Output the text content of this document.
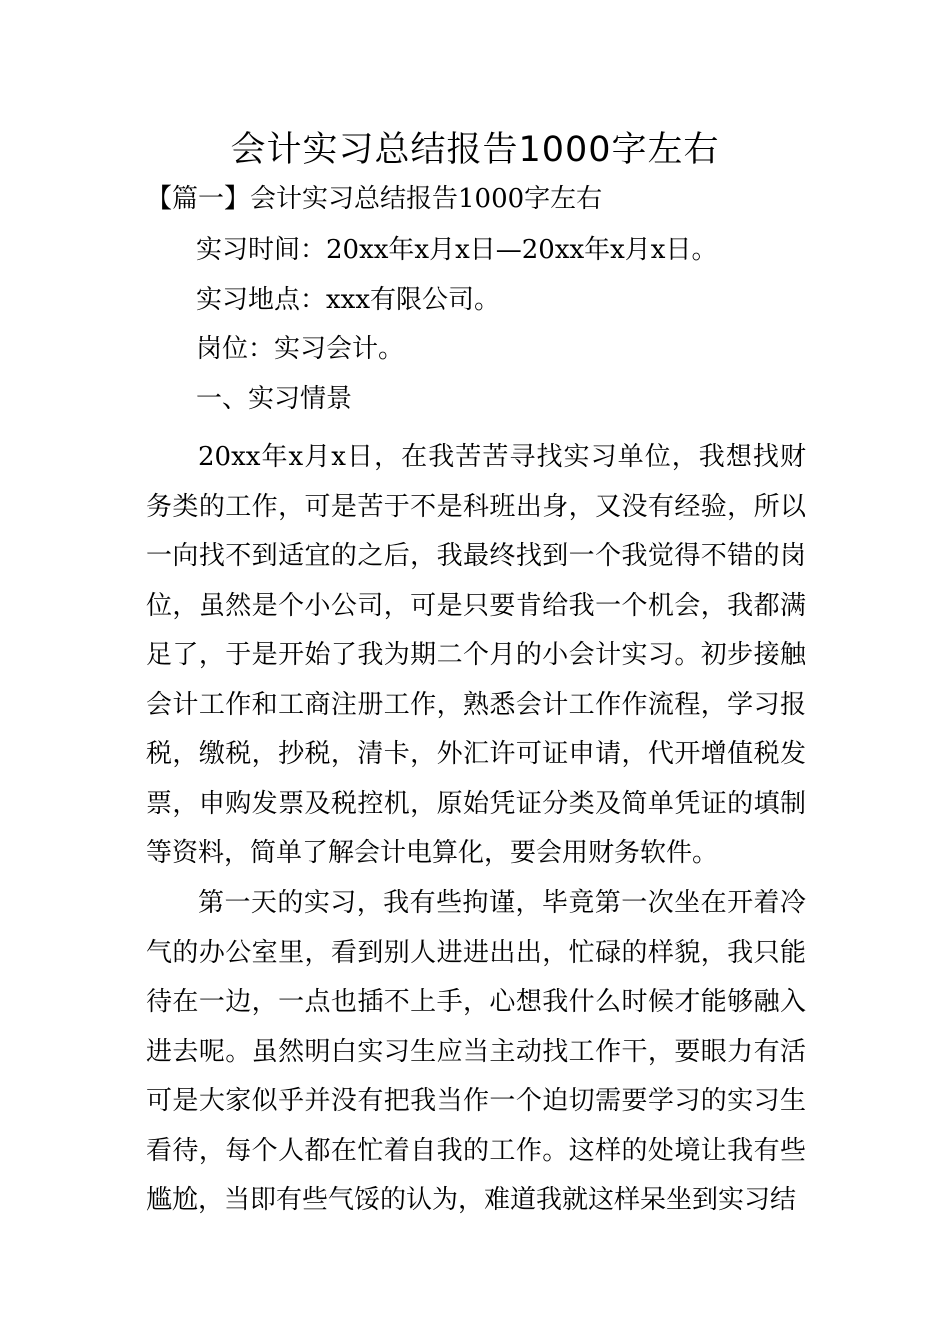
会计实习总结报告1000字左右
【篇一】会计实习总结报告1000字左右
实习时间：20xx年x月x日—20xx年x月x日。
实习地点：xxx有限公司。
岗位：实习会计。
一、实习情景

20xx年x月x日，在我苦苦寻找实习单位，我想找财务类的工作，可是苦于不是科班出身，又没有经验，所以一向找不到适宜的之后，我最终找到一个我觉得不错的岗位，虽然是个小公司，可是只要肯给我一个机会，我都满足了，于是开始了我为期二个月的小会计实习。初步接触会计工作和工商注册工作，熟悉会计工作作流程，学习报税，缴税，抄税，清卡，外汇许可证申请，代开增值税发票，申购发票及税控机，原始凭证分类及简单凭证的填制等资料，简单了解会计电算化，要会用财务软件。

第一天的实习，我有些拘谨，毕竟第一次坐在开着冷气的办公室里，看到别人进进出出，忙碌的样貌，我只能待在一边，一点也插不上手，心想我什么时候才能够融入进去呢。虽然明白实习生应当主动找工作干，要眼力有活可是大家似乎并没有把我当作一个迫切需要学习的实习生看待，每个人都在忙着自我的工作。这样的处境让我有些尴尬，当即有些气馁的认为，难道我就这样呆坐到实习结
